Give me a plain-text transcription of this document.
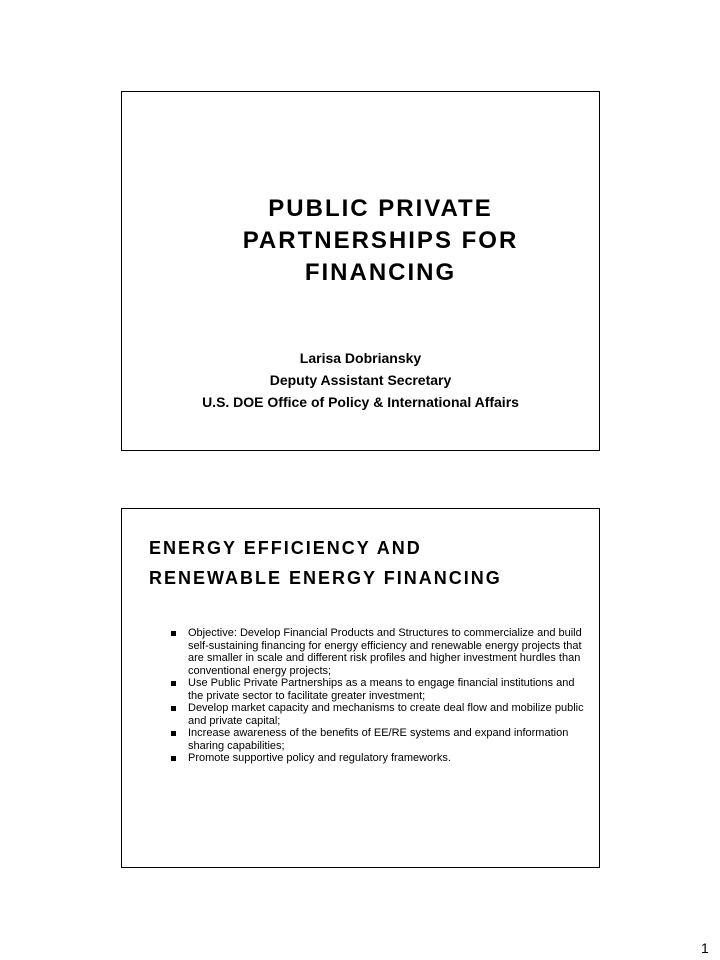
PUBLIC PRIVATE
PARTNERSHIPS FOR
FINANCING
Larisa Dobriansky
Deputy Assistant Secretary
U.S. DOE Office of Policy & International Affairs
ENERGY EFFICIENCY AND
RENEWABLE ENERGY FINANCING
Objective: Develop Financial Products and Structures to commercialize and build self-sustaining financing for energy efficiency and renewable energy projects that are smaller in scale and different risk profiles and higher investment hurdles than conventional energy projects;
Use Public Private Partnerships as a means to engage financial institutions and the private sector to facilitate greater investment;
Develop market capacity and mechanisms to create deal flow and mobilize public and private capital;
Increase awareness of the benefits of EE/RE systems and expand information sharing capabilities;
Promote supportive policy and regulatory frameworks.
1
